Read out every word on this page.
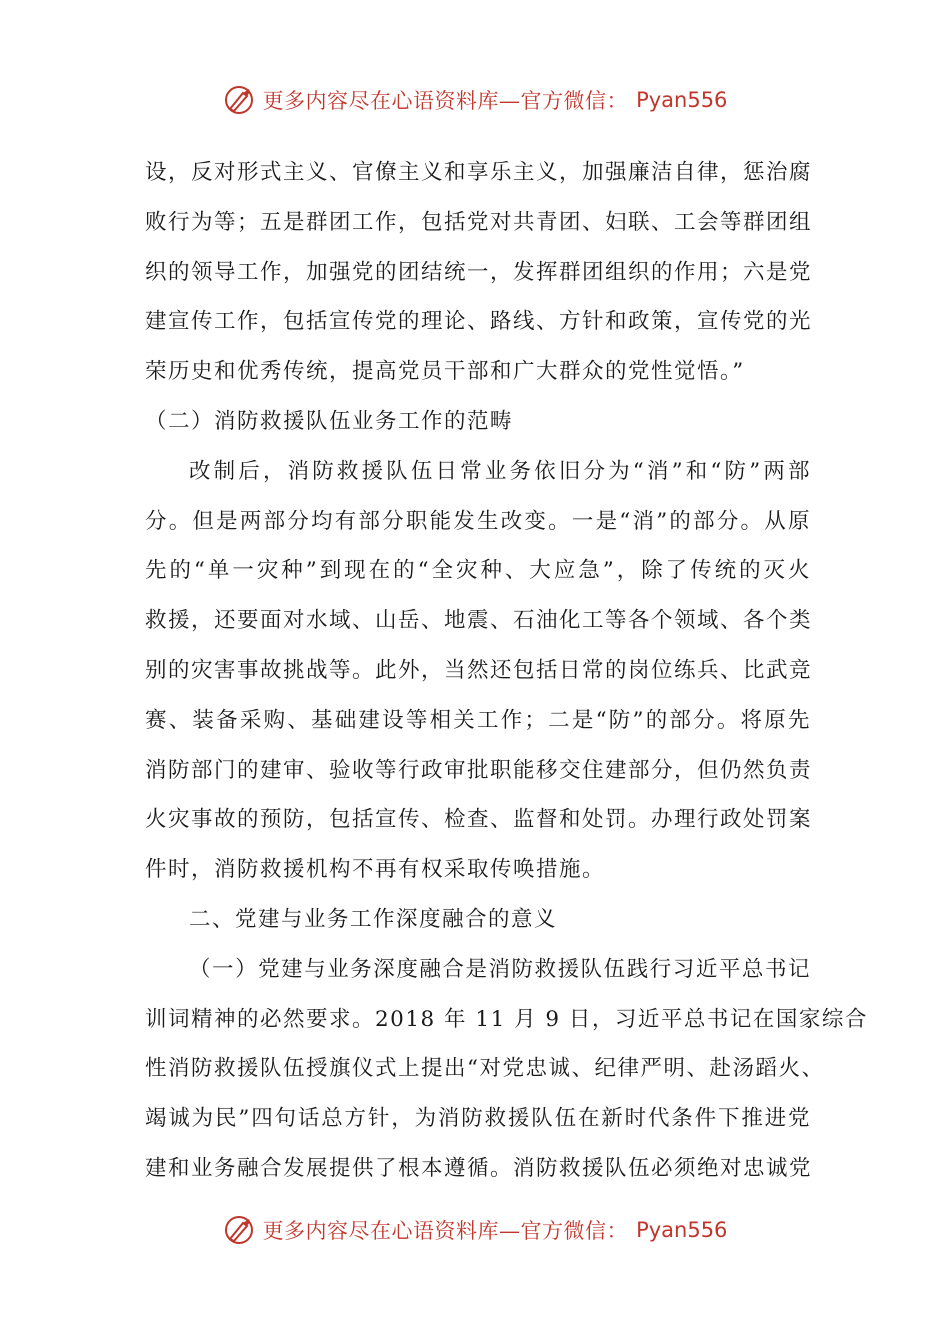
更多内容尽在心语资料库—官方微信： Pyan556
设，反对形式主义、官僚主义和享乐主义，加强廉洁自律，惩治腐
败行为等；五是群团工作，包括党对共青团、妇联、工会等群团组
织的领导工作，加强党的团结统一，发挥群团组织的作用；六是党
建宣传工作，包括宣传党的理论、路线、方针和政策，宣传党的光
荣历史和优秀传统，提高党员干部和广大群众的党性觉悟。”
（二）消防救援队伍业务工作的范畴
改制后，消防救援队伍日常业务依旧分为“消”和“防”两部
分。但是两部分均有部分职能发生改变。一是“消”的部分。从原
先的“单一灾种”到现在的“全灾种、大应急”，除了传统的灭火
救援，还要面对水域、山岳、地震、石油化工等各个领域、各个类
别的灾害事故挑战等。此外，当然还包括日常的岗位练兵、比武竞
赛、装备采购、基础建设等相关工作；二是“防”的部分。将原先
消防部门的建审、验收等行政审批职能移交住建部分，但仍然负责
火灾事故的预防，包括宣传、检查、监督和处罚。办理行政处罚案
件时，消防救援机构不再有权采取传唤措施。
二、党建与业务工作深度融合的意义
（一）党建与业务深度融合是消防救援队伍践行习近平总书记
训词精神的必然要求。2018 年 11 月 9 日，习近平总书记在国家综合
性消防救援队伍授旗仪式上提出“对党忠诚、纪律严明、赴汤蹈火、
竭诚为民”四句话总方针，为消防救援队伍在新时代条件下推进党
建和业务融合发展提供了根本遵循。消防救援队伍必须绝对忠诚党
更多内容尽在心语资料库—官方微信： Pyan556
